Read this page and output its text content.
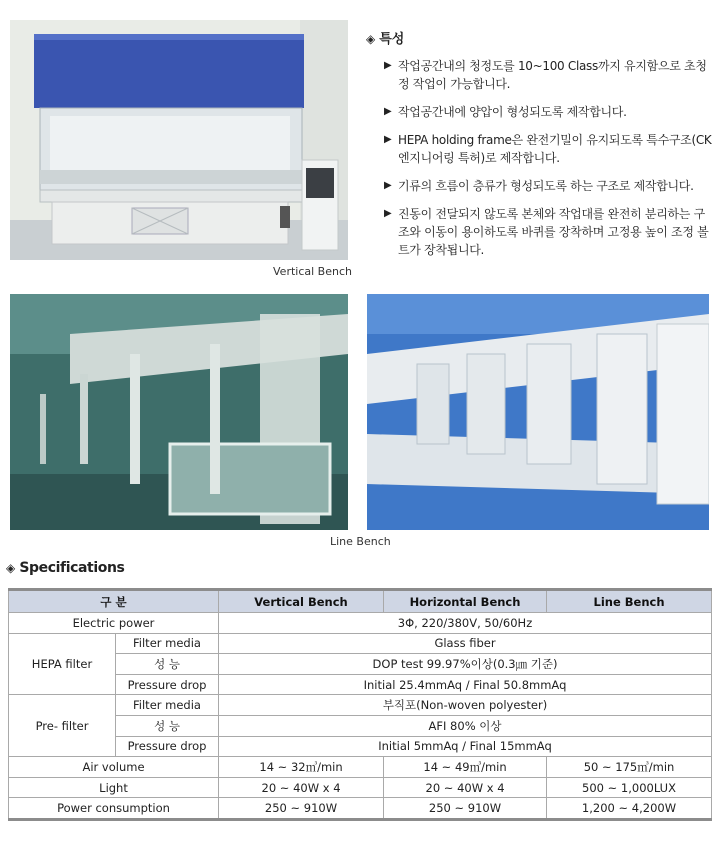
Vertical Bench
◈ 특성
▶ 작업공간내의 청정도를 10~100 Class까지 유지함으로 초청정 작업이 가능합니다.
▶ 작업공간내에 양압이 형성되도록 제작합니다.
▶ HEPA holding frame은 완전기밀이 유지되도록 특수구조(CK엔지니어링 특허)로 제작합니다.
▶ 기류의 흐름이 층류가 형성되도록 하는 구조로 제작합니다.
▶ 진동이 전달되지 않도록 본체와 작업대를 완전히 분리하는 구조와 이동이 용이하도록 바퀴를 장착하며 고정용 높이 조정 볼트가 장착됩니다.
Line Bench
◈ Specifications
구 분		Vertical Bench	Horizontal Bench	Line Bench
Electric power		3Φ, 220/380V, 50/60Hz		
HEPA filter	Filter media	Glass fiber		
	성 능	DOP test 99.97%이상(0.3㎛ 기준)		
	Pressure drop	Initial 25.4mmAq / Final 50.8mmAq		
Pre- filter	Filter media	부직포(Non-woven polyester)		
	성 능	AFI 80% 이상		
	Pressure drop	Initial 5mmAq / Final 15mmAq		
Air volume		14 ~ 32㎥/min	14 ~ 49㎥/min	50 ~ 175㎥/min
Light		20 ~ 40W x 4	20 ~ 40W x 4	500 ~ 1,000LUX
Power consumption		250 ~ 910W	250 ~ 910W	1,200 ~ 4,200W
